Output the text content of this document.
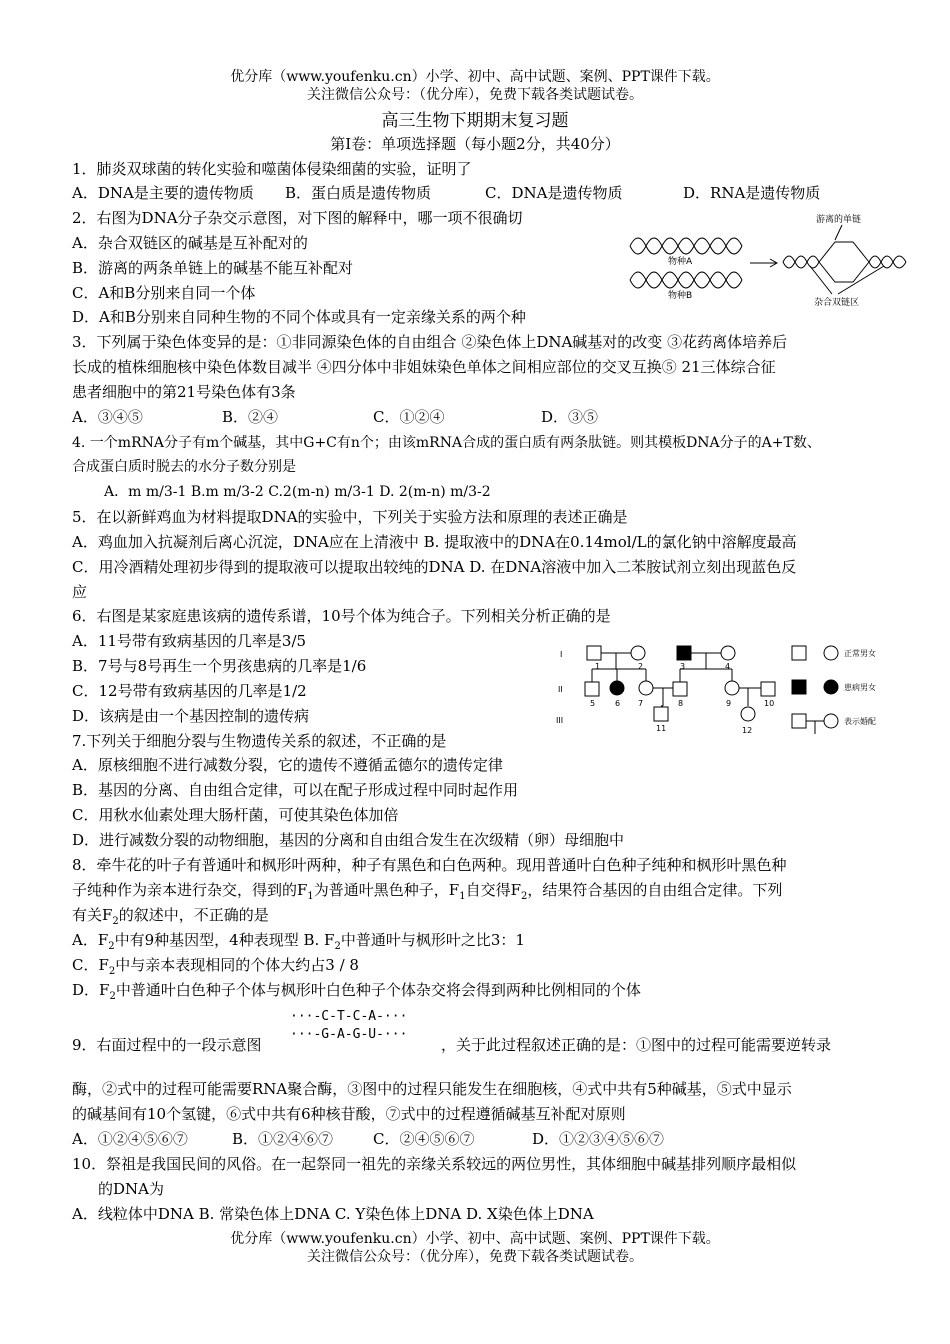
优分库（www.youfenku.cn）小学、初中、高中试题、案例、PPT课件下载。
关注微信公众号：（优分库），免费下载各类试题试卷。
高三生物下期期末复习题
第Ⅰ卷：单项选择题（每小题2分，共40分）
1．肺炎双球菌的转化实验和噬菌体侵染细菌的实验，证明了
A．DNA是主要的遗传物质 B．蛋白质是遗传物质	C．DNA是遗传物质	D．RNA是遗传物质
2．右图为DNA分子杂交示意图，对下图的解释中，哪一项不很确切
A．杂合双链区的碱基是互补配对的
B．游离的两条单链上的碱基不能互补配对
C．A和B分别来自同一个体
D．A和B分别来自同种生物的不同个体或具有一定亲缘关系的两个种
游离的单链
物种A
物种B
杂合双链区
3．下列属于染色体变异的是：①非同源染色体的自由组合 ②染色体上DNA碱基对的改变 ③花药离体培养后
长成的植株细胞核中染色体数目减半 ④四分体中非姐妹染色单体之间相应部位的交叉互换⑤ 21三体综合征
患者细胞中的第21号染色体有3条
A．③④⑤	B．②④	C．①②④	D．③⑤
4. 一个mRNA分子有m个碱基，其中G+C有n个；由该mRNA合成的蛋白质有两条肽链。则其模板DNA分子的A+T数、
合成蛋白质时脱去的水分子数分别是
A．m m/3-1 B.m m/3-2 C.2(m-n) m/3-1 D. 2(m-n) m/3-2
5．在以新鲜鸡血为材料提取DNA的实验中，下列关于实验方法和原理的表述正确是
A．鸡血加入抗凝剂后离心沉淀，DNA应在上清液中 B. 提取液中的DNA在0.14mol/L的氯化钠中溶解度最高
C．用冷酒精处理初步得到的提取液可以提取出较纯的DNA D. 在DNA溶液中加入二苯胺试剂立刻出现蓝色反
应
6．右图是某家庭患该病的遗传系谱，10号个体为纯合子。下列相关分析正确的是
A．11号带有致病基因的几率是3/5
B．7号与8号再生一个男孩患病的几率是1/6
C．12号带有致病基因的几率是1/2
D．该病是由一个基因控制的遗传病
I
II
III
1	2	3	4
5 6 7	8	9	10
11	12
正常男女
患病男女
表示婚配
7.下列关于细胞分裂与生物遗传关系的叙述，不正确的是
A．原核细胞不进行减数分裂，它的遗传不遵循孟德尔的遗传定律
B．基因的分离、自由组合定律，可以在配子形成过程中同时起作用
C．用秋水仙素处理大肠杆菌，可使其染色体加倍
D．进行减数分裂的动物细胞，基因的分离和自由组合发生在次级精（卵）母细胞中
8．牵牛花的叶子有普通叶和枫形叶两种，种子有黑色和白色两种。现用普通叶白色种子纯种和枫形叶黑色种
子纯种作为亲本进行杂交，得到的$F_1$为普通叶黑色种子，$F_1$自交得$F_2$，结果符合基因的自由组合定律。下列
有关$F_2$的叙述中，不正确的是
A．$F_2$中有9种基因型，4种表现型 B. $F_2$中普通叶与枫形叶之比3：1
C．$F_2$中与亲本表现相同的个体大约占3 / 8
D．$F_2$中普通叶白色种子个体与枫形叶白色种子个体杂交将会得到两种比例相同的个体
9．右面过程中的一段示意图
···-C-T-C-A-···
···-G-A-G-U-···
，关于此过程叙述正确的是：①图中的过程可能需要逆转录
酶，②式中的过程可能需要RNA聚合酶，③图中的过程只能发生在细胞核，④式中共有5种碱基，⑤式中显示
的碱基间有10个氢键，⑥式中共有6种核苷酸，⑦式中的过程遵循碱基互补配对原则
A．①②④⑤⑥⑦	B．①②④⑥⑦	C．②④⑤⑥⑦	D．①②③④⑤⑥⑦
10．祭祖是我国民间的风俗。在一起祭同一祖先的亲缘关系较远的两位男性，其体细胞中碱基排列顺序最相似
的DNA为
A．线粒体中DNA B. 常染色体上DNA C. Y染色体上DNA D. X染色体上DNA
优分库（www.youfenku.cn）小学、初中、高中试题、案例、PPT课件下载。
关注微信公众号：（优分库），免费下载各类试题试卷。
